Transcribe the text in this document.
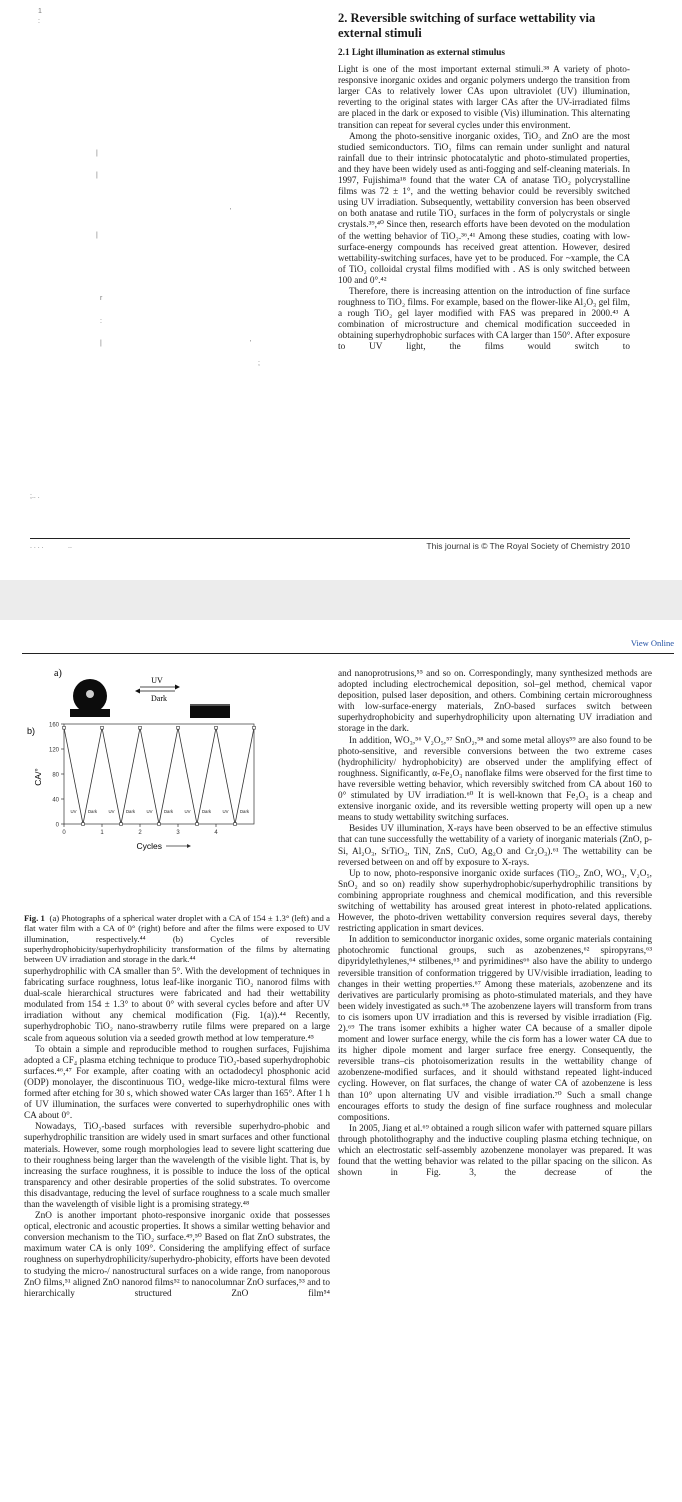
1
:
|
|
'
|
r
:
|	'
;
;.. .
. . . .	..
2. Reversible switching of surface wettability via external stimuli
2.1 Light illumination as external stimulus

Light is one of the most important external stimuli.³⁸ A variety of photo-responsive inorganic oxides and organic polymers undergo the transition from larger CAs to relatively lower CAs upon ultraviolet (UV) illumination, reverting to the original states with larger CAs after the UV-irradiated films are placed in the dark or exposed to visible (Vis) illumination. This alternating transition can repeat for several cycles under this environment.

Among the photo-sensitive inorganic oxides, TiO₂ and ZnO are the most studied semiconductors. TiO₂ films can remain under sunlight and natural rainfall due to their intrinsic photocatalytic and photo-stimulated properties, and they have been widely used as anti-fogging and self-cleaning materials. In 1997, Fujishima¹⁸ found that the water CA of anatase TiO₂ polycrystalline films was 72 ± 1°, and the wetting behavior could be reversibly switched using UV irradiation. Subsequently, wettability conversion has been observed on both anatase and rutile TiO₂ surfaces in the form of polycrystals or single crystals.³⁹,⁴⁰ Since then, research efforts have been devoted on the modulation of the wetting behavior of TiO₂.³⁶,⁴¹ Among these studies, coating with low-surface-energy compounds has received great attention. However, desired wettability-switching surfaces, have yet to be produced. For ~xample, the CA of TiO₂ colloidal crystal films modified with . AS is only switched between 100 and 0°.⁴²

Therefore, there is increasing attention on the introduction of fine surface roughness to TiO₂ films. For example, based on the flower-like Al₂O₃ gel film, a rough TiO₂ gel layer modified with FAS was prepared in 2000.⁴³ A combination of microstructure and chemical modification succeeded in obtaining superhydrophobic surfaces with CA larger than 150°. After exposure to UV light, the films would switch to

This journal is © The Royal Society of Chemistry 2010
View Online
a)
UV
Dark
b)
0
40
80
120
160
0	1	2	3	4
UV	Dark	UV	Dark	UV	Dark	UV	Dark	UV	Dark
CA/°
Cycles
Fig. 1 (a) Photographs of a spherical water droplet with a CA of 154 ± 1.3° (left) and a flat water film with a CA of 0° (right) before and after the films were exposed to UV illumination, respectively.⁴⁴ (b) Cycles of reversible superhydrophobicity/superhydrophilicity transformation of the films by alternating between UV irradiation and storage in the dark.⁴⁴

superhydrophilic with CA smaller than 5°. With the development of techniques in fabricating surface roughness, lotus leaf-like inorganic TiO₂ nanorod films with dual-scale hierarchical structures were fabricated and had their wettability modulated from 154 ± 1.3° to about 0° with several cycles before and after UV irradiation without any chemical modification (Fig. 1(a)).⁴⁴ Recently, superhydrophobic TiO₂ nano-strawberry rutile films were prepared on a large scale from aqueous solution via a seeded growth method at low temperature.⁴⁵

To obtain a simple and reproducible method to roughen surfaces, Fujishima adopted a CF₄ plasma etching technique to produce TiO₂-based superhydrophobic surfaces.⁴⁶,⁴⁷ For example, after coating with an octadodecyl phosphonic acid (ODP) monolayer, the discontinuous TiO₂ wedge-like micro-textural films were formed after etching for 30 s, which showed water CAs larger than 165°. After 1 h of UV illumination, the surfaces were converted to superhydrophilic ones with CA about 0°.

Nowadays, TiO₂-based surfaces with reversible superhydro-phobic and superhydrophilic transition are widely used in smart surfaces and other functional materials. However, some rough morphologies lead to severe light scattering due to their roughness being larger than the wavelength of the visible light. That is, by increasing the surface roughness, it is possible to induce the loss of the optical transparency and other desirable properties of the solid substrates. To overcome this disadvantage, reducing the level of surface roughness to a scale much smaller than the wavelength of visible light is a promising strategy.⁴⁸

ZnO is another important photo-responsive inorganic oxide that possesses optical, electronic and acoustic properties. It shows a similar wetting behavior and conversion mechanism to the TiO₂ surface.⁴⁹,⁵⁰ Based on flat ZnO substrates, the maximum water CA is only 109°. Considering the amplifying effect of surface roughness on superhydrophilicity/superhydro-phobicity, efforts have been devoted to studying the micro-/ nanostructural surfaces on a wide range, from nanoporous ZnO films,⁵¹ aligned ZnO nanorod films⁵² to nanocolumnar ZnO surfaces,⁵³ and to hierarchically structured ZnO film⁵⁴

and nanoprotrusions,⁵⁵ and so on. Correspondingly, many synthesized methods are adopted including electrochemical deposition, sol–gel method, chemical vapor deposition, pulsed laser deposition, and others. Combining certain microroughness with low-surface-energy materials, ZnO-based surfaces switch between superhydrophobicity and superhydrophilicity upon alternating UV irradiation and storage in the dark.

In addition, WO₃,⁵⁶ V₂O₅,⁵⁷ SnO₂,⁵⁸ and some metal alloys⁵⁹ are also found to be photo-sensitive, and reversible conversions between the two extreme cases (hydrophilicity/ hydrophobicity) are observed under the amplifying effect of roughness. Significantly, α-Fe₂O₃ nanoflake films were observed for the first time to have reversible wetting behavior, which reversibly switched from CA about 160 to 0° stimulated by UV irradiation.⁶⁰ It is well-known that Fe₂O₃ is a cheap and extensive inorganic oxide, and its reversible wetting property will open up a new means to study wettability switching surfaces.

Besides UV illumination, X-rays have been observed to be an effective stimulus that can tune successfully the wettability of a variety of inorganic materials (ZnO, p-Si, Al₂O₃, SrTiO₃, TiN, ZnS, CuO, Ag₂O and Cr₂O₃).⁶¹ The wettability can be reversed between on and off by exposure to X-rays.

Up to now, photo-responsive inorganic oxide surfaces (TiO₂, ZnO, WO₃, V₂O₅, SnO₂ and so on) readily show superhydrophobic/superhydrophilic transitions by combining appropriate roughness and chemical modification, and this reversible switching of wettability has aroused great interest in photo-related applications. However, the photo-driven wettability conversion requires several days, thereby restricting application in smart devices.

In addition to semiconductor inorganic oxides, some organic materials containing photochromic functional groups, such as azobenzenes,⁶² spiropyrans,⁶³ dipyridylethylenes,⁶⁴ stilbenes,⁶⁵ and pyrimidines⁶⁶ also have the ability to undergo reversible transition of conformation triggered by UV/visible irradiation, leading to changes in their wetting properties.⁶⁷ Among these materials, azobenzene and its derivatives are particularly promising as photo-stimulated materials, and they have been widely investigated as such.⁶⁸ The azobenzene layers will transform from trans to cis isomers upon UV irradiation and this is reversed by visible irradiation (Fig. 2).⁶⁹ The trans isomer exhibits a higher water CA because of a smaller dipole moment and lower surface energy, while the cis form has a lower water CA due to its higher dipole moment and larger surface free energy. Consequently, the reversible trans–cis photoisomerization results in the wettability change of azobenzene-modified surfaces, and it should withstand repeated light-induced cycling. However, on flat surfaces, the change of water CA of azobenzene is less than 10° upon alternating UV and visible irradiation.⁷⁰ Such a small change encourages efforts to study the design of fine surface roughness and molecular compositions.

In 2005, Jiang et al.⁶⁹ obtained a rough silicon wafer with patterned square pillars through photolithography and the inductive coupling plasma etching technique, on which an electrostatic self-assembly azobenzene monolayer was prepared. It was found that the wetting behavior was related to the pillar spacing on the silicon. As shown in Fig. 3, the decrease of the
